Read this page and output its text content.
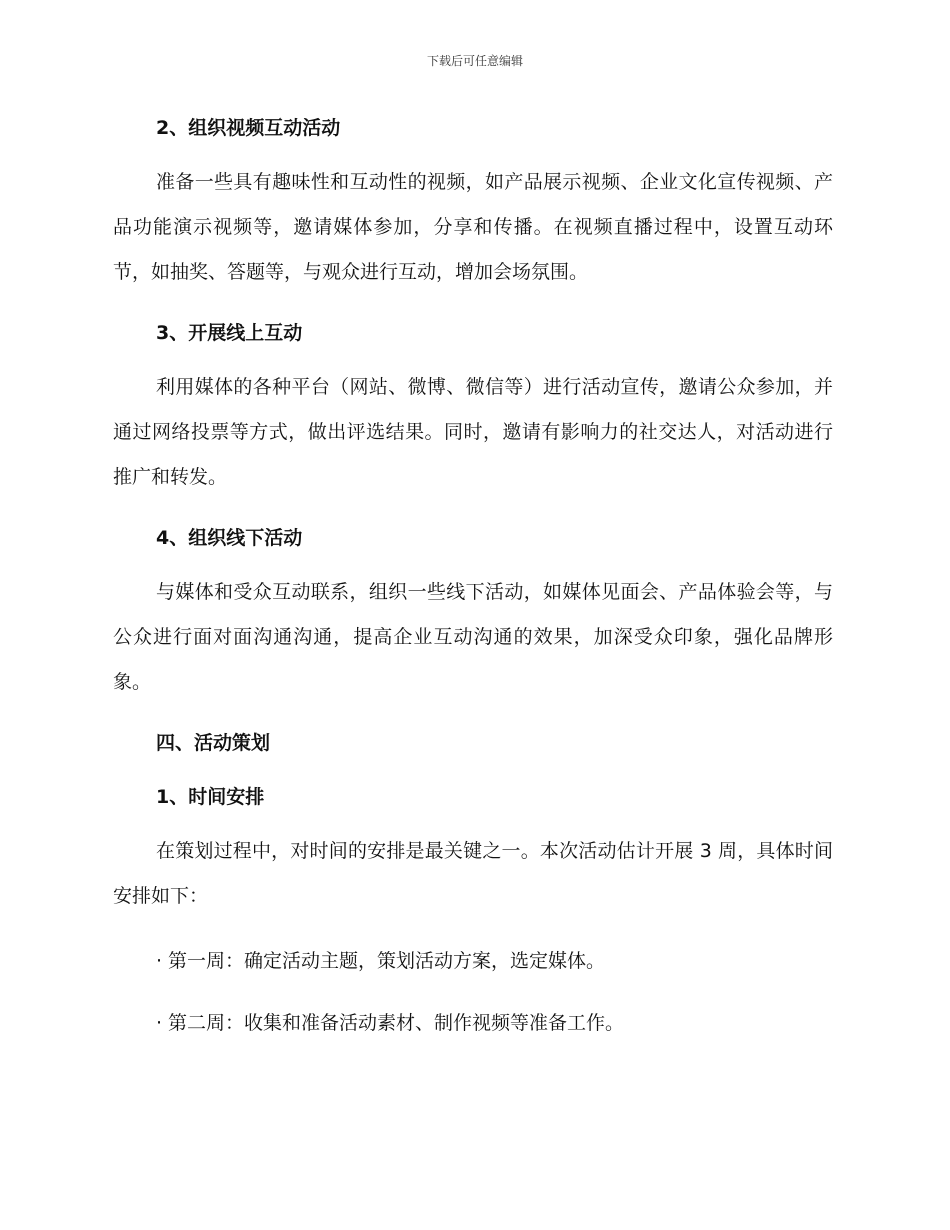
下载后可任意编辑
2、组织视频互动活动
准备一些具有趣味性和互动性的视频，如产品展示视频、企业文化宣传视频、产品功能演示视频等，邀请媒体参加，分享和传播。在视频直播过程中，设置互动环节，如抽奖、答题等，与观众进行互动，增加会场氛围。
3、开展线上互动
利用媒体的各种平台（网站、微博、微信等）进行活动宣传，邀请公众参加，并通过网络投票等方式，做出评选结果。同时，邀请有影响力的社交达人，对活动进行推广和转发。
4、组织线下活动
与媒体和受众互动联系，组织一些线下活动，如媒体见面会、产品体验会等，与公众进行面对面沟通沟通，提高企业互动沟通的效果，加深受众印象，强化品牌形象。
四、活动策划
1、时间安排
在策划过程中，对时间的安排是最关键之一。本次活动估计开展 3 周，具体时间安排如下：
· 第一周：确定活动主题，策划活动方案，选定媒体。
· 第二周：收集和准备活动素材、制作视频等准备工作。
